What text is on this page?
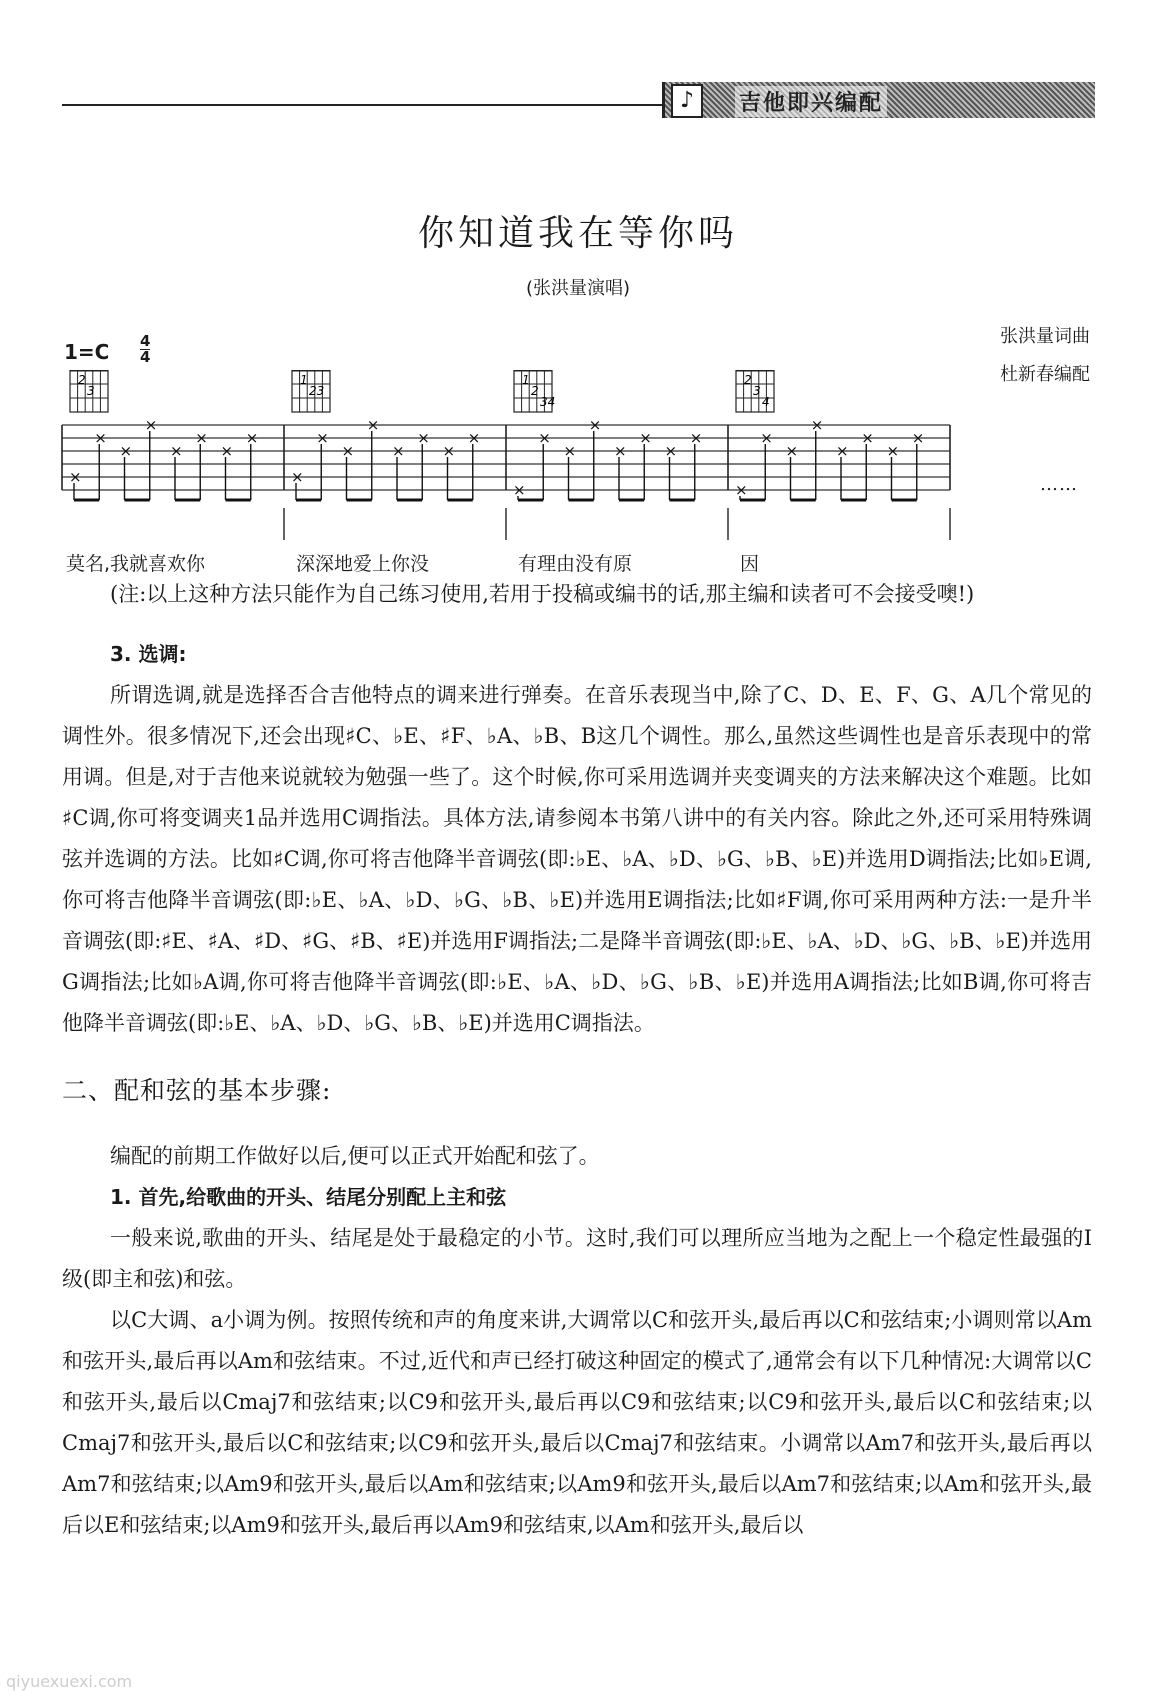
♪	吉他即兴编配
你知道我在等你吗
(张洪量演唱)
张洪量词曲
杜新春编配
1=C 4
4
2
3
×
×
×
×
×
×
×
×
1
23
×
×
×
×
×
×
×
×
1
2
34
×
×
×
×
×
×
×
×
2
3
4
×
×
×
×
×
×
×
×
莫名,我就喜欢你	深深地爱上你没	有理由没有原	因
……
(注:以上这种方法只能作为自己练习使用,若用于投稿或编书的话,那主编和读者可不会接受噢!)
3. 选调:
所谓选调,就是选择否合吉他特点的调来进行弹奏。在音乐表现当中,除了C、D、E、F、G、A几个常见的调性外。很多情况下,还会出现♯C、♭E、♯F、♭A、♭B、B这几个调性。那么,虽然这些调性也是音乐表现中的常用调。但是,对于吉他来说就较为勉强一些了。这个时候,你可采用选调并夹变调夹的方法来解决这个难题。比如♯C调,你可将变调夹1品并选用C调指法。具体方法,请参阅本书第八讲中的有关内容。除此之外,还可采用特殊调弦并选调的方法。比如♯C调,你可将吉他降半音调弦(即:♭E、♭A、♭D、♭G、♭B、♭E)并选用D调指法;比如♭E调,你可将吉他降半音调弦(即:♭E、♭A、♭D、♭G、♭B、♭E)并选用E调指法;比如♯F调,你可采用两种方法:一是升半音调弦(即:♯E、♯A、♯D、♯G、♯B、♯E)并选用F调指法;二是降半音调弦(即:♭E、♭A、♭D、♭G、♭B、♭E)并选用G调指法;比如♭A调,你可将吉他降半音调弦(即:♭E、♭A、♭D、♭G、♭B、♭E)并选用A调指法;比如B调,你可将吉他降半音调弦(即:♭E、♭A、♭D、♭G、♭B、♭E)并选用C调指法。
二、配和弦的基本步骤:
编配的前期工作做好以后,便可以正式开始配和弦了。
1. 首先,给歌曲的开头、结尾分别配上主和弦
一般来说,歌曲的开头、结尾是处于最稳定的小节。这时,我们可以理所应当地为之配上一个稳定性最强的Ⅰ级(即主和弦)和弦。
以C大调、a小调为例。按照传统和声的角度来讲,大调常以C和弦开头,最后再以C和弦结束;小调则常以Am和弦开头,最后再以Am和弦结束。不过,近代和声已经打破这种固定的模式了,通常会有以下几种情况:大调常以C和弦开头,最后以Cmaj7和弦结束;以C9和弦开头,最后再以C9和弦结束;以C9和弦开头,最后以C和弦结束;以Cmaj7和弦开头,最后以C和弦结束;以C9和弦开头,最后以Cmaj7和弦结束。小调常以Am7和弦开头,最后再以Am7和弦结束;以Am9和弦开头,最后以Am和弦结束;以Am9和弦开头,最后以Am7和弦结束;以Am和弦开头,最后以E和弦结束;以Am9和弦开头,最后再以Am9和弦结束,以Am和弦开头,最后以
qiyuexuexi.com
